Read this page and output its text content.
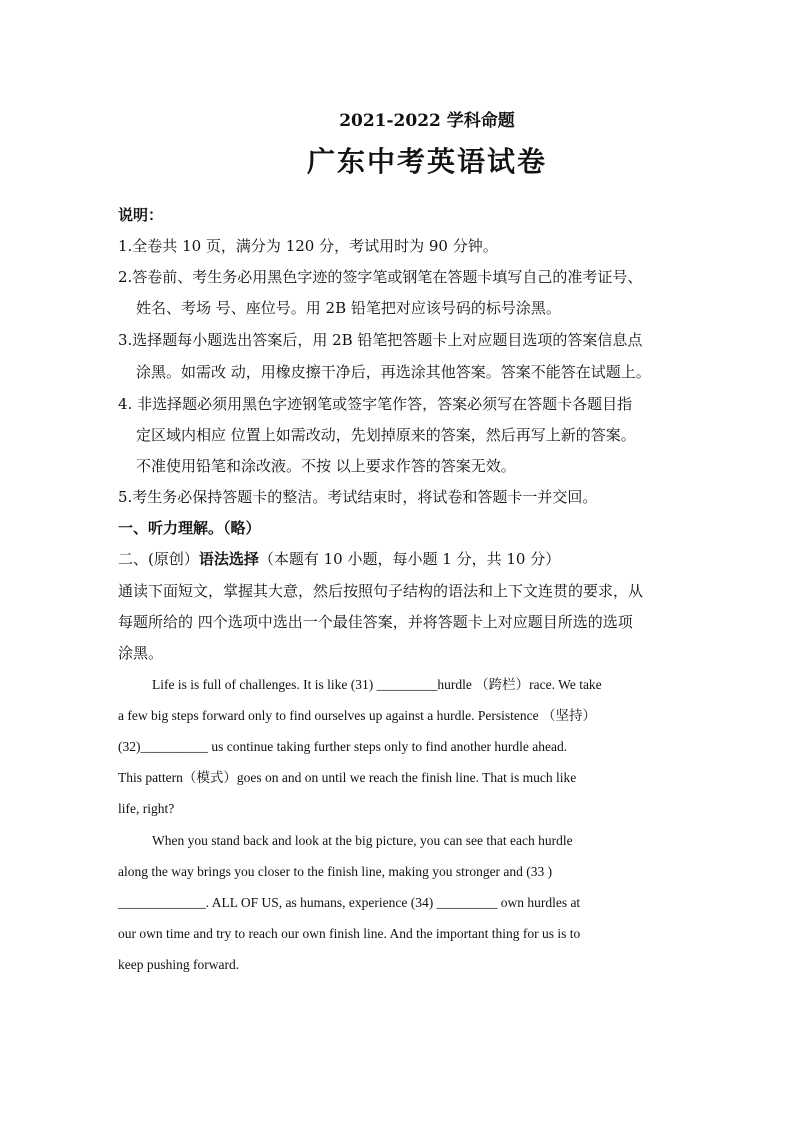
2021-2022 学科命题
广东中考英语试卷
说明：
1.全卷共 10 页，满分为 120 分，考试用时为 90 分钟。
2.答卷前、考生务必用黑色字迹的签字笔或钢笔在答题卡填写自己的准考证号、
姓名、考场 号、座位号。用 2B 铅笔把对应该号码的标号涂黑。
3.选择题每小题选出答案后，用 2B 铅笔把答题卡上对应题目选项的答案信息点
涂黑。如需改 动，用橡皮擦干净后，再选涂其他答案。答案不能答在试题上。
4. 非选择题必须用黑色字迹钢笔或签字笔作答，答案必须写在答题卡各题目指
定区域内相应 位置上如需改动，先划掉原来的答案，然后再写上新的答案。
不准使用铅笔和涂改液。不按 以上要求作答的答案无效。
5.考生务必保持答题卡的整洁。考试结束时，将试卷和答题卡一并交回。
一、听力理解。（略）
二、(原创）语法选择（本题有 10 小题，每小题 1 分，共 10 分）
通读下面短文，掌握其大意，然后按照句子结构的语法和上下文连贯的要求，从
每题所给的 四个选项中选出一个最佳答案，并将答题卡上对应题目所选的选项
涂黑。
Life is is full of challenges. It is like (31) _________hurdle （跨栏）race. We take
a few big steps forward only to find ourselves up against a hurdle. Persistence （坚持）
(32)__________ us continue taking further steps only to find another hurdle ahead.
This pattern（模式）goes on and on until we reach the finish line. That is much like
life, right?
When you stand back and look at the big picture, you can see that each hurdle
along the way brings you closer to the finish line, making you stronger and (33 )
_____________. ALL OF US, as humans, experience (34) _________ own hurdles at
our own time and try to reach our own finish line. And the important thing for us is to
keep pushing forward.
